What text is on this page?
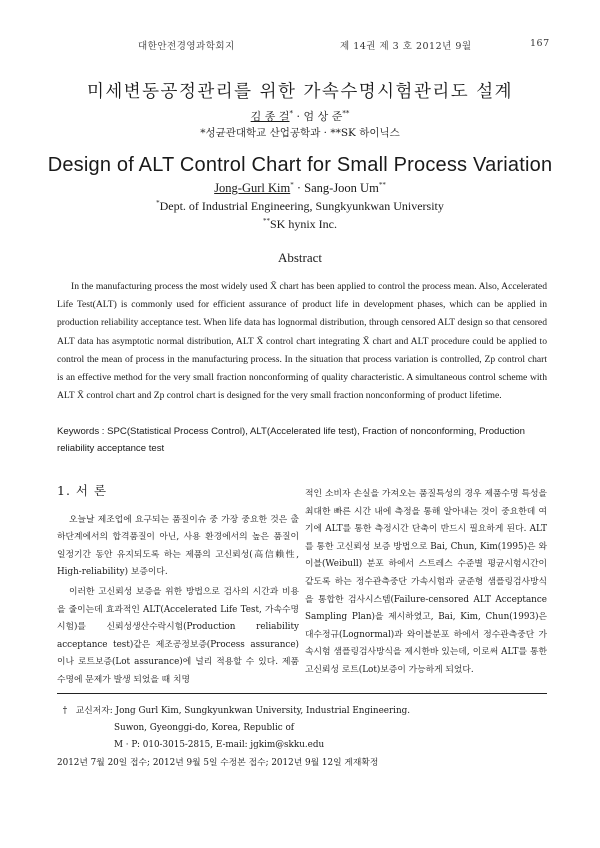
대한안전경영과학회지	제 14권 제 3 호 2012년 9월	167
미세변동공정관리를 위한 가속수명시험관리도 설계
김 종 걸* · 엄 상 준**
*성균관대학교 산업공학과 · **SK 하이닉스
Design of ALT Control Chart for Small Process Variation
Jong-Gurl Kim* · Sang-Joon Um**
*Dept. of Industrial Engineering, Sungkyunkwan University
**SK hynix Inc.
Abstract

In the manufacturing process the most widely used X̄ chart has been applied to control the process mean. Also, Accelerated Life Test(ALT) is commonly used for efficient assurance of product life in development phases, which can be applied in production reliability acceptance test. When life data has lognormal distribution, through censored ALT design so that censored ALT data has asymptotic normal distribution, ALT X̄ control chart integrating X̄ chart and ALT procedure could be applied to control the mean of process in the manufacturing process. In the situation that process variation is controlled, Zp control chart is an effective method for the very small fraction nonconforming of quality characteristic. A simultaneous control scheme with ALT X̄ control chart and Zp control chart is designed for the very small fraction nonconforming of product lifetime.

Keywords : SPC(Statistical Process Control), ALT(Accelerated life test), Fraction of nonconforming, Production reliability acceptance test

1. 서 론

오늘날 제조업에 요구되는 품질이슈 중 가장 중요한 것은 출하단계에서의 합격품질이 아닌, 사용 환경에서의 높은 품질이 일정기간 동안 유지되도록 하는 제품의 고신뢰성(高信賴性, High-reliability) 보증이다.

이러한 고신뢰성 보증을 위한 방법으로 검사의 시간과 비용을 줄이는데 효과적인 ALT(Accelerated Life Test, 가속수명시험)를 신뢰성생산수락시험(Production reliability acceptance test)같은 제조공정보증(Process assurance)이나 로트보증(Lot assurance)에 널리 적용할 수 있다. 제품 수명에 문제가 발생 되었을 때 치명

적인 소비자 손실을 가져오는 품질특성의 경우 제품수명 특성을 최대한 빠른 시간 내에 측정을 통해 알아내는 것이 중요한데 여기에 ALT를 통한 측정시간 단축이 반드시 필요하게 된다. ALT를 통한 고신뢰성 보증 방법으로 Bai, Chun, Kim(1995)은 와이블(Weibull) 분포 하에서 스트레스 수준별 평균시험시간이 같도록 하는 정수관측중단 가속시험과 균준형 샘플링검사방식을 통합한 검사시스템(Failure-censored ALT Acceptance Sampling Plan)을 제시하였고, Bai, Kim, Chun(1993)은 대수정규(Lognormal)과 와이블분포 하에서 정수관측중단 가속시험 샘플링검사방식을 제시한바 있는데, 이로써 ALT를 통한 고신뢰성 로트(Lot)보증이 가능하게 되었다.

† 교신저자: Jong Gurl Kim, Sungkyunkwan University, Industrial Engineering.
Suwon, Gyeonggi-do, Korea, Republic of
M · P: 010-3015-2815, E-mail: jgkim@skku.edu
2012년 7월 20일 접수; 2012년 9월 5일 수정본 접수; 2012년 9월 12일 게재확정
